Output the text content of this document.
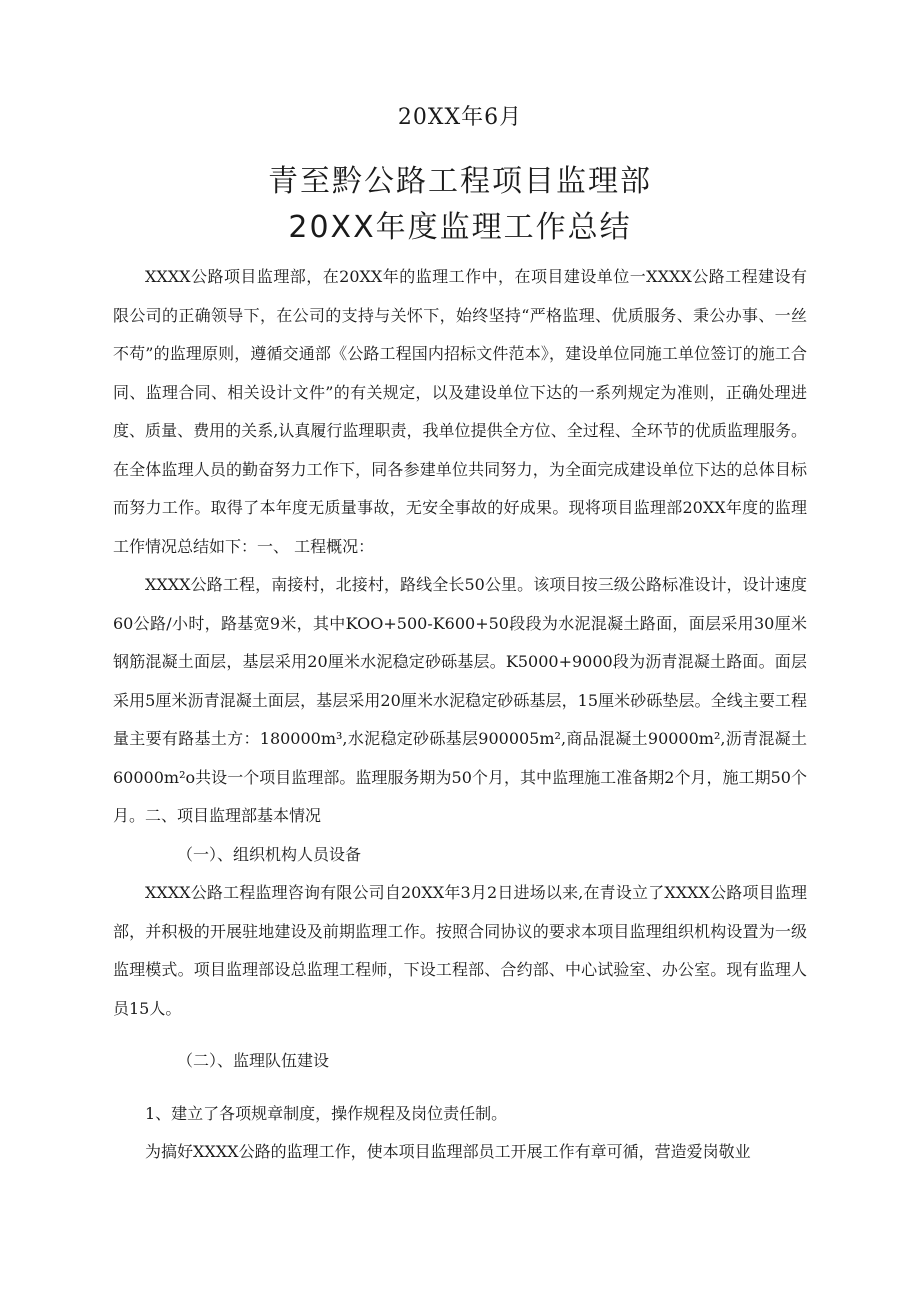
20XX年6月
青至黔公路工程项目监理部
20XX年度监理工作总结

XXXX公路项目监理部，在20XX年的监理工作中，在项目建设单位一XXXX公路工程建设有限公司的正确领导下，在公司的支持与关怀下，始终坚持“严格监理、优质服务、秉公办事、一丝不苟”的监理原则，遵循交通部《公路工程国内招标文件范本》，建设单位同施工单位签订的施工合同、监理合同、相关设计文件”的有关规定，以及建设单位下达的一系列规定为准则，正确处理进度、质量、费用的关系,认真履行监理职责，我单位提供全方位、全过程、全环节的优质监理服务。在全体监理人员的勤奋努力工作下，同各参建单位共同努力，为全面完成建设单位下达的总体目标而努力工作。取得了本年度无质量事故，无安全事故的好成果。现将项目监理部20XX年度的监理工作情况总结如下：一、 工程概况：

XXXX公路工程，南接村，北接村，路线全长50公里。该项目按三级公路标准设计，设计速度60公路/小时，路基宽9米，其中KOO+500-K600+50段段为水泥混凝土路面，面层采用30厘米钢筋混凝土面层，基层采用20厘米水泥稳定砂砾基层。K5000+9000段为沥青混凝土路面。面层采用5厘米沥青混凝土面层，基层采用20厘米水泥稳定砂砾基层，15厘米砂砾垫层。全线主要工程量主要有路基土方：180000m³,水泥稳定砂砾基层900005m²,商品混凝土90000m²,沥青混凝土60000m²o共设一个项目监理部。监理服务期为50个月，其中监理施工准备期2个月，施工期50个月。二、项目监理部基本情况

（一）、组织机构人员设备

XXXX公路工程监理咨询有限公司自20XX年3月2日进场以来,在青设立了XXXX公路项目监理部，并积极的开展驻地建设及前期监理工作。按照合同协议的要求本项目监理组织机构设置为一级监理模式。项目监理部设总监理工程师，下设工程部、合约部、中心试验室、办公室。现有监理人员15人。

（二）、监理队伍建设

1、建立了各项规章制度，操作规程及岗位责任制。

为搞好XXXX公路的监理工作，使本项目监理部员工开展工作有章可循，营造爱岗敬业
